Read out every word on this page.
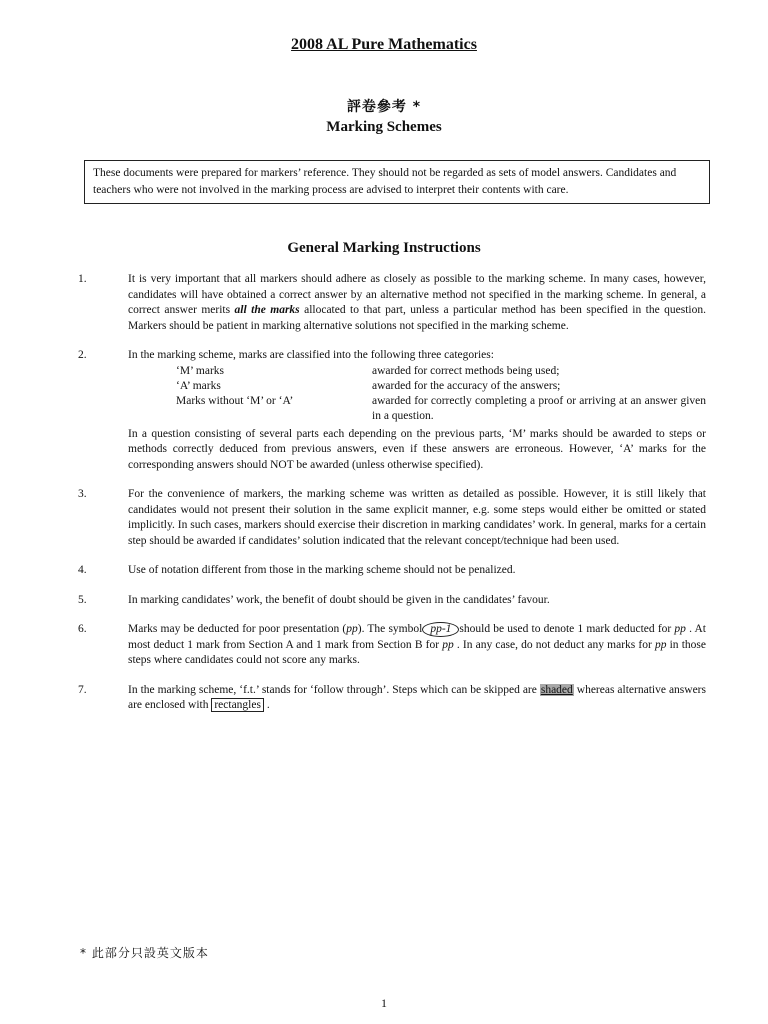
2008 AL Pure Mathematics
評卷參考 *
Marking Schemes
These documents were prepared for markers’ reference. They should not be regarded as sets of model answers. Candidates and teachers who were not involved in the marking process are advised to interpret their contents with care.
General Marking Instructions
1.	It is very important that all markers should adhere as closely as possible to the marking scheme. In many cases, however, candidates will have obtained a correct answer by an alternative method not specified in the marking scheme. In general, a correct answer merits all the marks allocated to that part, unless a particular method has been specified in the question. Markers should be patient in marking alternative solutions not specified in the marking scheme.

2.	In the marking scheme, marks are classified into the following three categories:

‘M’ marks	awarded for correct methods being used;
‘A’ marks	awarded for the accuracy of the answers;
Marks without ‘M’ or ‘A’	awarded for correctly completing a proof or arriving at an answer given in a question.

In a question consisting of several parts each depending on the previous parts, ‘M’ marks should be awarded to steps or methods correctly deduced from previous answers, even if these answers are erroneous. However, ‘A’ marks for the corresponding answers should NOT be awarded (unless otherwise specified).

3.	For the convenience of markers, the marking scheme was written as detailed as possible. However, it is still likely that candidates would not present their solution in the same explicit manner, e.g. some steps would either be omitted or stated implicitly. In such cases, markers should exercise their discretion in marking candidates’ work. In general, marks for a certain step should be awarded if candidates’ solution indicated that the relevant concept/technique had been used.

4.	Use of notation different from those in the marking scheme should not be penalized.

5.	In marking candidates’ work, the benefit of doubt should be given in the candidates’ favour.

6.	Marks may be deducted for poor presentation (pp). The symbol pp-1 should be used to denote 1 mark deducted for pp . At most deduct 1 mark from Section A and 1 mark from Section B for pp . In any case, do not deduct any marks for pp in those steps where candidates could not score any marks.

7.	In the marking scheme, ‘f.t.’ stands for ‘follow through’. Steps which can be skipped are shaded whereas alternative answers are enclosed with rectangles .

* 此部分只設英文版本
1
